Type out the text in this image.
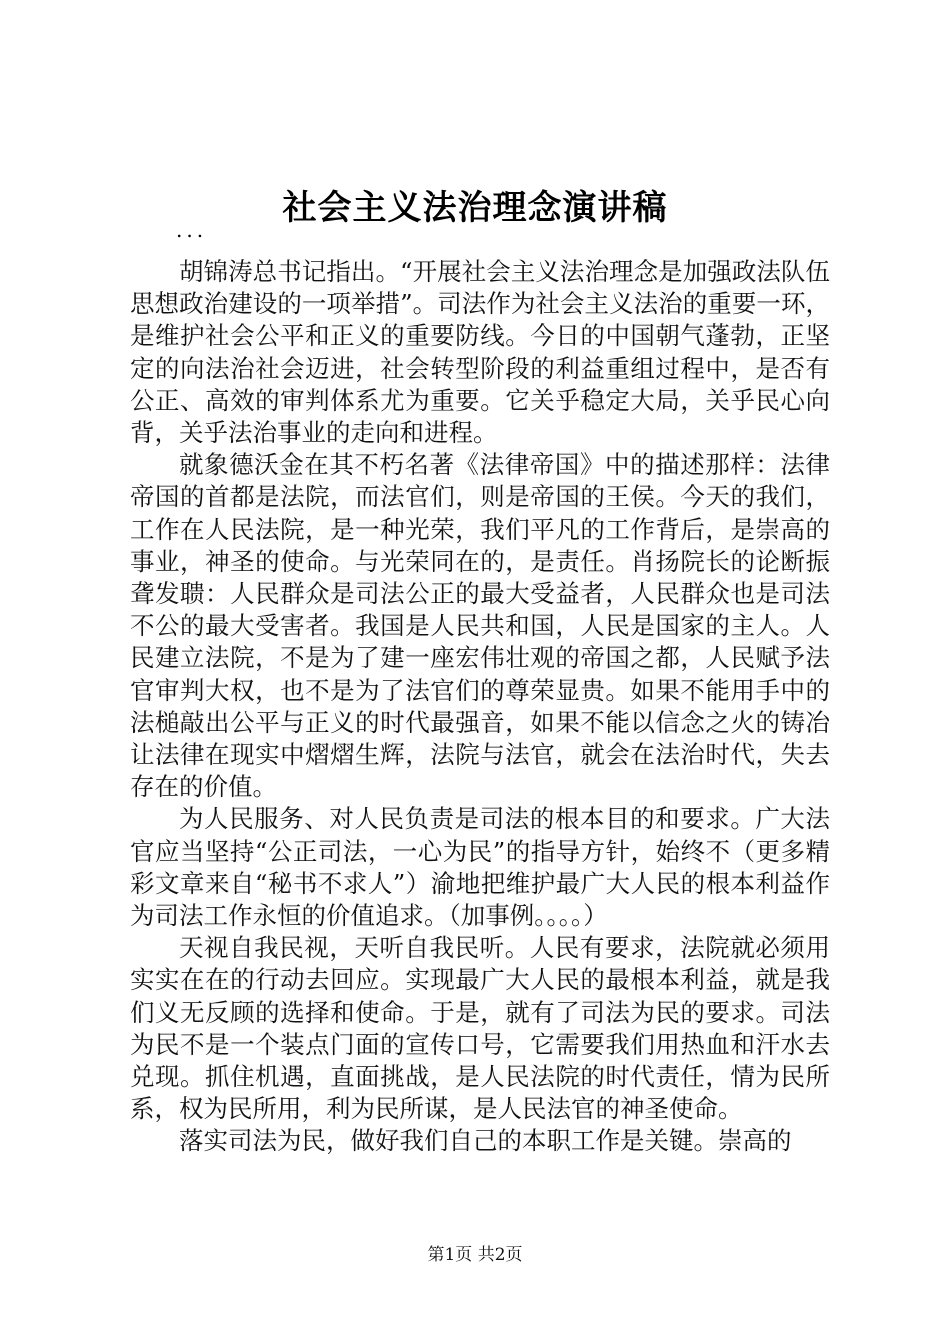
社会主义法治理念演讲稿
...

胡锦涛总书记指出。“开展社会主义法治理念是加强政法队伍思想政治建设的一项举措”。司法作为社会主义法治的重要一环，是维护社会公平和正义的重要防线。今日的中国朝气蓬勃，正坚定的向法治社会迈进，社会转型阶段的利益重组过程中，是否有公正、高效的审判体系尤为重要。它关乎稳定大局，关乎民心向背，关乎法治事业的走向和进程。

就象德沃金在其不朽名著《法律帝国》中的描述那样：法律帝国的首都是法院，而法官们，则是帝国的王侯。今天的我们，工作在人民法院，是一种光荣，我们平凡的工作背后，是崇高的事业，神圣的使命。与光荣同在的，是责任。肖扬院长的论断振聋发聩：人民群众是司法公正的最大受益者，人民群众也是司法不公的最大受害者。我国是人民共和国，人民是国家的主人。人民建立法院，不是为了建一座宏伟壮观的帝国之都，人民赋予法官审判大权，也不是为了法官们的尊荣显贵。如果不能用手中的法槌敲出公平与正义的时代最强音，如果不能以信念之火的铸冶让法律在现实中熠熠生辉，法院与法官，就会在法治时代，失去存在的价值。

为人民服务、对人民负责是司法的根本目的和要求。广大法官应当坚持“公正司法，一心为民”的指导方针，始终不（更多精彩文章来自“秘书不求人”）渝地把维护最广大人民的根本利益作为司法工作永恒的价值追求。（加事例。。。。）

天视自我民视，天听自我民听。人民有要求，法院就必须用实实在在的行动去回应。实现最广大人民的最根本利益，就是我们义无反顾的选择和使命。于是，就有了司法为民的要求。司法为民不是一个装点门面的宣传口号，它需要我们用热血和汗水去兑现。抓住机遇，直面挑战，是人民法院的时代责任，情为民所系，权为民所用，利为民所谋，是人民法官的神圣使命。

落实司法为民，做好我们自己的本职工作是关键。崇高的

第1页 共2页
